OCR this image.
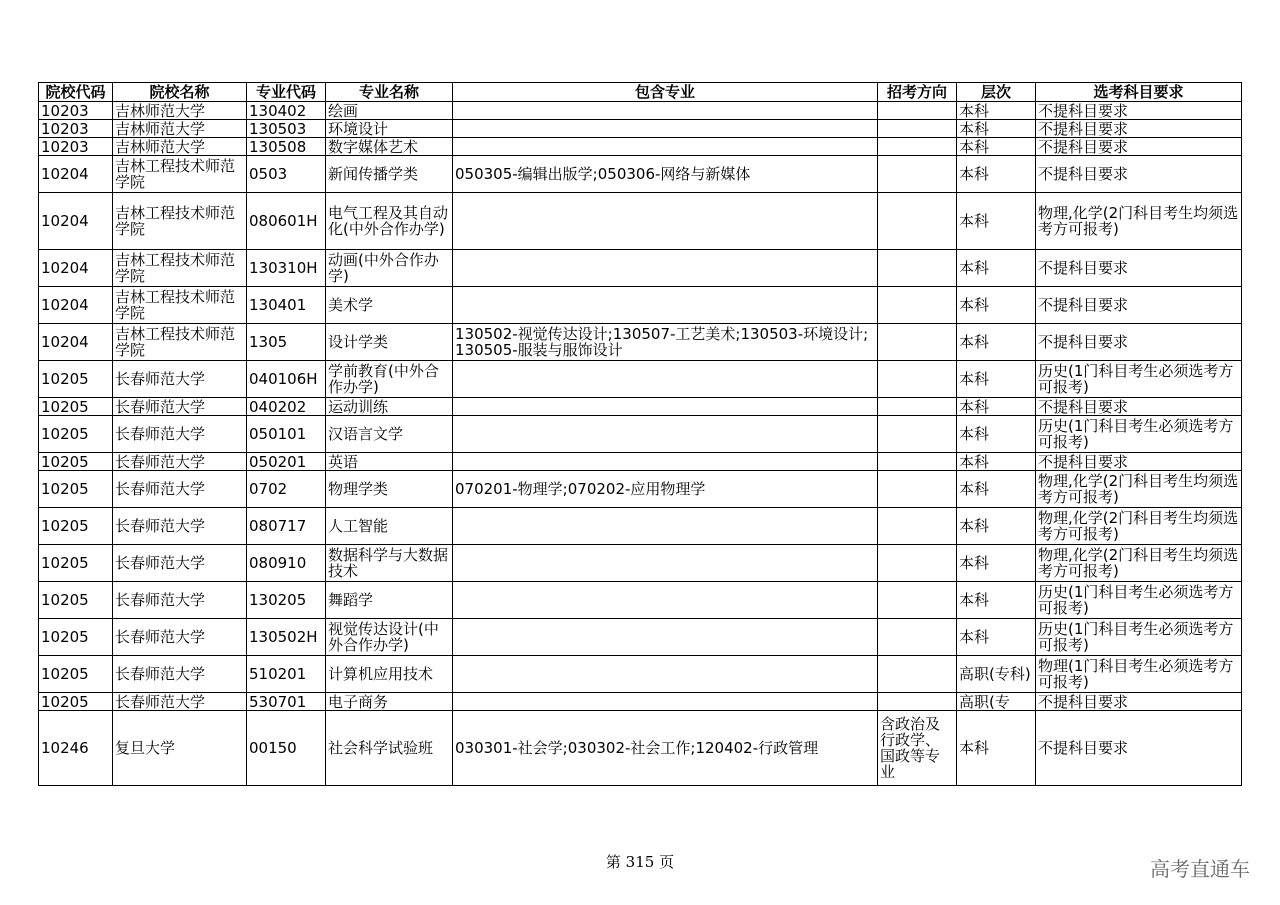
院校代码	院校名称	专业代码	专业名称	包含专业	招考方向	层次	选考科目要求
10203	吉林师范大学	130402	绘画			本科	不提科目要求
10203	吉林师范大学	130503	环境设计			本科	不提科目要求
10203	吉林师范大学	130508	数字媒体艺术			本科	不提科目要求
10204	吉林工程技术师范学院	0503	新闻传播学类	050305-编辑出版学;050306-网络与新媒体		本科	不提科目要求
10204	吉林工程技术师范学院	080601H	电气工程及其自动化(中外合作办学)			本科	物理,化学(2门科目考生均须选考方可报考)
10204	吉林工程技术师范学院	130310H	动画(中外合作办学)			本科	不提科目要求
10204	吉林工程技术师范学院	130401	美术学			本科	不提科目要求
10204	吉林工程技术师范学院	1305	设计学类	130502-视觉传达设计;130507-工艺美术;130503-环境设计;130505-服装与服饰设计		本科	不提科目要求
10205	长春师范大学	040106H	学前教育(中外合作办学)			本科	历史(1门科目考生必须选考方可报考)
10205	长春师范大学	040202	运动训练			本科	不提科目要求
10205	长春师范大学	050101	汉语言文学			本科	历史(1门科目考生必须选考方可报考)
10205	长春师范大学	050201	英语			本科	不提科目要求
10205	长春师范大学	0702	物理学类	070201-物理学;070202-应用物理学		本科	物理,化学(2门科目考生均须选考方可报考)
10205	长春师范大学	080717	人工智能			本科	物理,化学(2门科目考生均须选考方可报考)
10205	长春师范大学	080910	数据科学与大数据技术			本科	物理,化学(2门科目考生均须选考方可报考)
10205	长春师范大学	130205	舞蹈学			本科	历史(1门科目考生必须选考方可报考)
10205	长春师范大学	130502H	视觉传达设计(中外合作办学)			本科	历史(1门科目考生必须选考方可报考)
10205	长春师范大学	510201	计算机应用技术			高职(专科)	物理(1门科目考生必须选考方可报考)
10205	长春师范大学	530701	电子商务			高职(专	不提科目要求
10246	复旦大学	00150	社会科学试验班	030301-社会学;030302-社会工作;120402-行政管理	含政治及行政学、国政等专业	本科	不提科目要求
第 315 页	高考直通车
